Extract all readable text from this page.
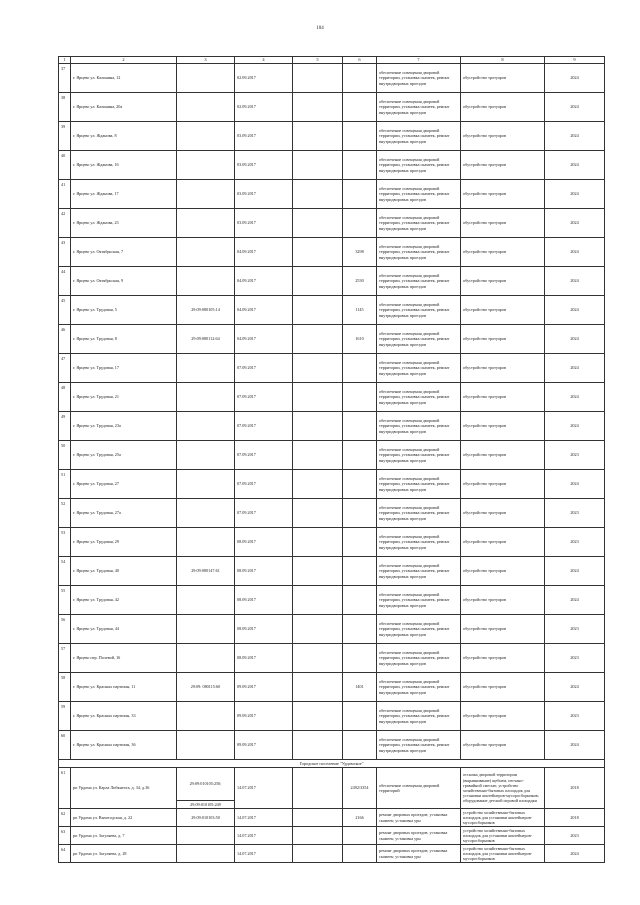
104
1	2	3	4	5	6	7	8	9
37	г. Ярцево ул. Калинина, 12		02.09.2017			обеспечение освещения дворовой территории, установка скамеек, ремонт внутридворовых проездов	обустройство тротуаров	2024
38	г. Ярцево ул. Калинина, 20а		02.09.2017			обеспечение освещения дворовой территории, установка скамеек, ремонт внутридворовых проездов	обустройство тротуаров	2024
39	г. Ярцево ул. Жданова, 8		03.09.2017			обеспечение освещения дворовой территории, установка скамеек, ремонт внутридворовых проездов	обустройство тротуаров	2024
40	г. Ярцево ул. Жданова, 16		03.09.2017			обеспечение освещения дворовой территории, установка скамеек, ремонт внутридворовых проездов	обустройство тротуаров	2024
41	г. Ярцево ул. Жданова, 17		03.09.2017			обеспечение освещения дворовой территории, установка скамеек, ремонт внутридворовых проездов	обустройство тротуаров	2024
42	г. Ярцево ул. Жданова, 23		03.09.2017			обеспечение освещения дворовой территории, установка скамеек, ремонт внутридворовых проездов	обустройство тротуаров	2024
43	г. Ярцево ул. Октябрьская, 7		04.09.2017		3298	обеспечение освещения дворовой территории, установка скамеек, ремонт внутридворовых проездов	обустройство тротуаров	2024
44	г. Ярцево ул. Октябрьская, 9		04.09.2017		2530	обеспечение освещения дворовой территории, установка скамеек, ремонт внутридворовых проездов	обустройство тротуаров	2024
45	г. Ярцево ул. Трудовая, 5	29:09:080105:14	04.09.2017		1145	обеспечение освещения дворовой территории, установка скамеек, ремонт внутридворовых проездов	обустройство тротуаров	2024
46	г. Ярцево ул. Трудовая, 8	29:09:080112:64	04.09.2017		1610	обеспечение освещения дворовой территории, установка скамеек, ремонт внутридворовых проездов	обустройство тротуаров	2024
47	г. Ярцево ул. Трудовая, 17		07.09.2017			обеспечение освещения дворовой территории, установка скамеек, ремонт внутридворовых проездов	обустройство тротуаров	2024
48	г. Ярцево ул. Трудовая, 21		07.09.2017			обеспечение освещения дворовой территории, установка скамеек, ремонт внутридворовых проездов	обустройство тротуаров	2024
49	г. Ярцево ул. Трудовая, 23а		07.09.2017			обеспечение освещения дворовой территории, установка скамеек, ремонт внутридворовых проездов	обустройство тротуаров	2024
50	г. Ярцево ул. Трудовая, 25а		07.09.2017			обеспечение освещения дворовой территории, установка скамеек, ремонт внутридворовых проездов	обустройство тротуаров	2023
51	г. Ярцево ул. Трудовая, 27		07.09.2017			обеспечение освещения дворовой территории, установка скамеек, ремонт внутридворовых проездов	обустройство тротуаров	2024
52	г. Ярцево ул. Трудовая, 27а		07.09.2017			обеспечение освещения дворовой территории, установка скамеек, ремонт внутридворовых проездов	обустройство тротуаров	2023
53	г. Ярцево ул. Трудовая, 29		08.09.2017			обеспечение освещения дворовой территории, установка скамеек, ремонт внутридворовых проездов	обустройство тротуаров	2023
54	г. Ярцево ул. Трудовая, 40	29:09:080147:61	08.09.2017			обеспечение освещения дворовой территории, установка скамеек, ремонт внутридворовых проездов	обустройство тротуаров	2024
55	г. Ярцево ул. Трудовая, 42		08.09.2017			обеспечение освещения дворовой территории, установка скамеек, ремонт внутридворовых проездов	обустройство тротуаров	2024
56	г. Ярцево ул. Трудовая, 44		08.09.2017			обеспечение освещения дворовой территории, установка скамеек, ремонт внутридворовых проездов	обустройство тротуаров	2023
57	г. Ярцево пер. Полевой, 16		08.09.2017			обеспечение освещения дворовой территории, установка скамеек, ремонт внутридворовых проездов	обустройство тротуаров	2023
58	г. Ярцево ул. Красных партизан, 11	29:09: 080115:60	09.09.2017		1401	обеспечение освещения дворовой территории, установка скамеек, ремонт внутридворовых проездов	обустройство тротуаров	2024
59	г. Ярцево ул. Красных партизан, 33		09.09.2017			обеспечение освещения дворовой территории, установка скамеек, ремонт внутридворовых проездов	обустройство тротуаров	2023
60	г. Ярцево ул. Красных партизан, 36		09.09.2017			обеспечение освещения дворовой территории, установка скамеек, ремонт внутридворовых проездов	обустройство тротуаров	2024
Городское поселение "Урдомское"								
61	рп Урдома ул. Карла Либкнехта, д. 34, д.36	29:09:010105:250;	14.07.2017		2492/3354	обеспечение освещения дворовой территорий	отсыпка дворовой территории (выравнивание) щебнем, песчано-гравийной смесью; устройство хозяйственно-бытовых площадок для установки контейнеров-мусоросборников; оборудование детской игровой площадки	2018
		29:09:010105:249						
62	рп Урдома ул. Вычегодская, д. 22	29:09:010103:50	14.07.2017		2166	ремонт дворовых проездов; установка скамеек; установка урн	устройство хозяйственно-бытовых площадок для установки контейнеров-мусоросборников	2018
63	рп Урдома ул. Загуляева, д. 7		14.07.2017			ремонт дворовых проездов; установка скамеек; установка урн	устройство хозяйственно-бытовых площадок для установки контейнеров-мусоросборников	2023
64	рп Урдома ул. Загуляева, д. 28		14.07.2017			ремонт дворовых проездов; установка скамеек; установка урн	устройство хозяйственно-бытовых площадок для установки контейнеров-мусоросборников	2024
